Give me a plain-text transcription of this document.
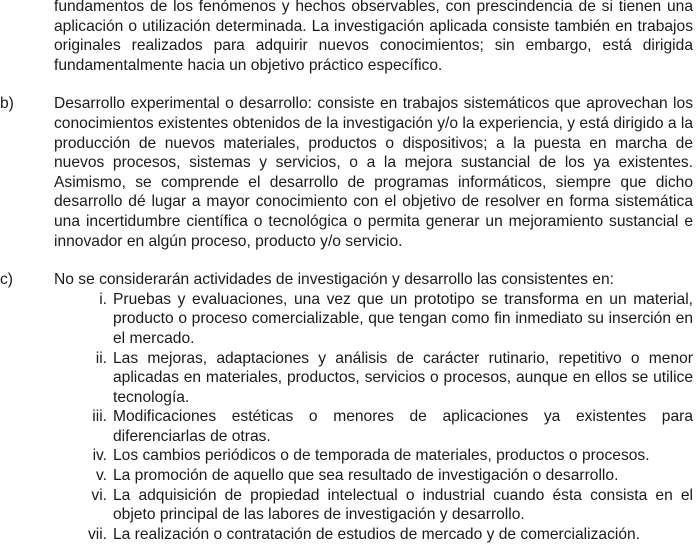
fundamentos de los fenómenos y hechos observables, con prescindencia de si tienen una aplicación o utilización determinada. La investigación aplicada consiste también en trabajos originales realizados para adquirir nuevos conocimientos; sin embargo, está dirigida fundamentalmente hacia un objetivo práctico específico.
b)	Desarrollo experimental o desarrollo: consiste en trabajos sistemáticos que aprovechan los conocimientos existentes obtenidos de la investigación y/o la experiencia, y está dirigido a la producción de nuevos materiales, productos o dispositivos; a la puesta en marcha de nuevos procesos, sistemas y servicios, o a la mejora sustancial de los ya existentes. Asimismo, se comprende el desarrollo de programas informáticos, siempre que dicho desarrollo dé lugar a mayor conocimiento con el objetivo de resolver en forma sistemática una incertidumbre científica o tecnológica o permita generar un mejoramiento sustancial e innovador en algún proceso, producto y/o servicio.
c)	No se considerarán actividades de investigación y desarrollo las consistentes en:
i. Pruebas y evaluaciones, una vez que un prototipo se transforma en un material, producto o proceso comercializable, que tengan como fin inmediato su inserción en el mercado.
ii. Las mejoras, adaptaciones y análisis de carácter rutinario, repetitivo o menor aplicadas en materiales, productos, servicios o procesos, aunque en ellos se utilice tecnología.
iii. Modificaciones estéticas o menores de aplicaciones ya existentes para diferenciarlas de otras.
iv. Los cambios periódicos o de temporada de materiales, productos o procesos.
v. La promoción de aquello que sea resultado de investigación o desarrollo.
vi. La adquisición de propiedad intelectual o industrial cuando ésta consista en el objeto principal de las labores de investigación y desarrollo.
vii. La realización o contratación de estudios de mercado y de comercialización.
